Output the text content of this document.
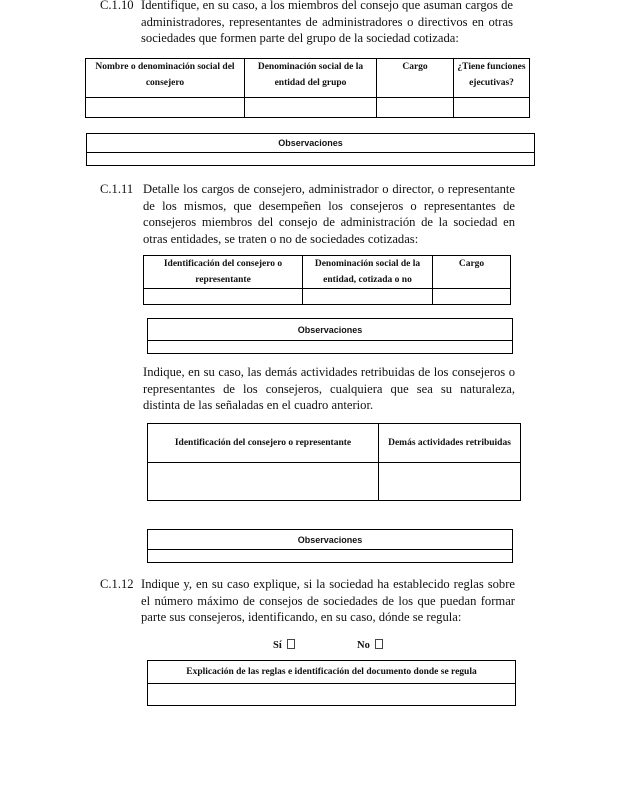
C.1.10 Identifique, en su caso, a los miembros del consejo que asuman cargos de administradores, representantes de administradores o directivos en otras sociedades que formen parte del grupo de la sociedad cotizada:
Nombre o denominación social del consejero	Denominación social de la entidad del grupo	Cargo	¿Tiene funciones ejecutivas?

Observaciones

C.1.11 Detalle los cargos de consejero, administrador o director, o representante de los mismos, que desempeñen los consejeros o representantes de consejeros miembros del consejo de administración de la sociedad en otras entidades, se traten o no de sociedades cotizadas:
Identificación del consejero o representante	Denominación social de la entidad, cotizada o no	Cargo

Observaciones

Indique, en su caso, las demás actividades retribuidas de los consejeros o representantes de los consejeros, cualquiera que sea su naturaleza, distinta de las señaladas en el cuadro anterior.
Identificación del consejero o representante	Demás actividades retribuidas

Observaciones

C.1.12 Indique y, en su caso explique, si la sociedad ha establecido reglas sobre el número máximo de consejos de sociedades de los que puedan formar parte sus consejeros, identificando, en su caso, dónde se regula:
Sí	No
Explicación de las reglas e identificación del documento donde se regula
